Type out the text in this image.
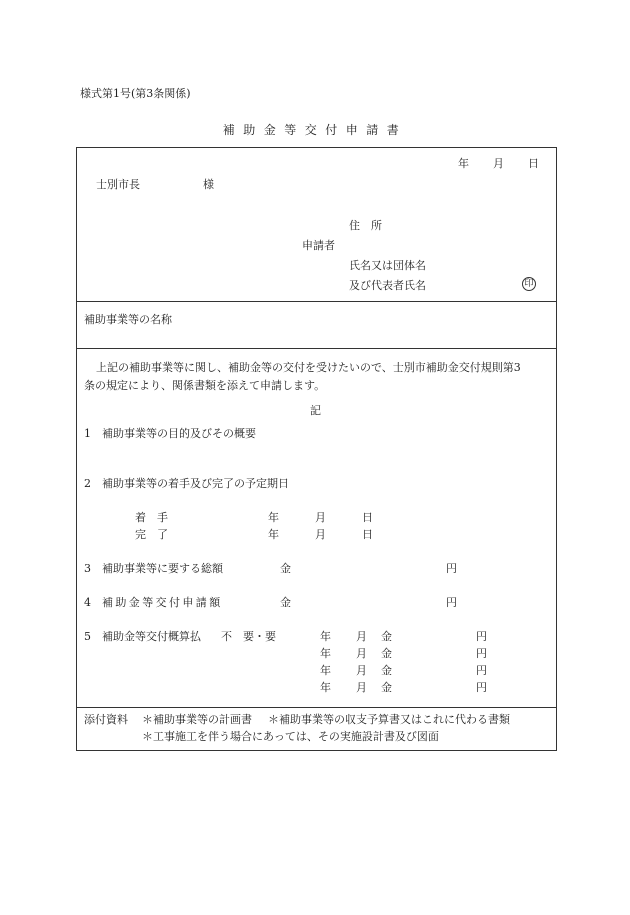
様式第1号(第3条関係)
補助金等交付申請書
年 月 日
士別市長	様
住　所
申請者
氏名又は団体名
及び代表者氏名	印
補助事業等の名称
上記の補助事業等に関し、補助金等の交付を受けたいので、士別市補助金交付規則第3
条の規定により、関係書類を添えて申請します。
記
1 補助事業等の目的及びその概要
2 補助事業等の着手及び完了の予定期日
着　手	年	月	日
完　了	年	月	日
3 補助事業等に要する総額	金	円
4 補助金等交付申請額	金	円
5 補助金等交付概算払 不　要・要	年 月 金	円
年 月 金	円
年 月 金	円
年 月 金	円
添付資料 ＊補助事業等の計画書 ＊補助事業等の収支予算書又はこれに代わる書類
＊工事施工を伴う場合にあっては、その実施設計書及び図面
